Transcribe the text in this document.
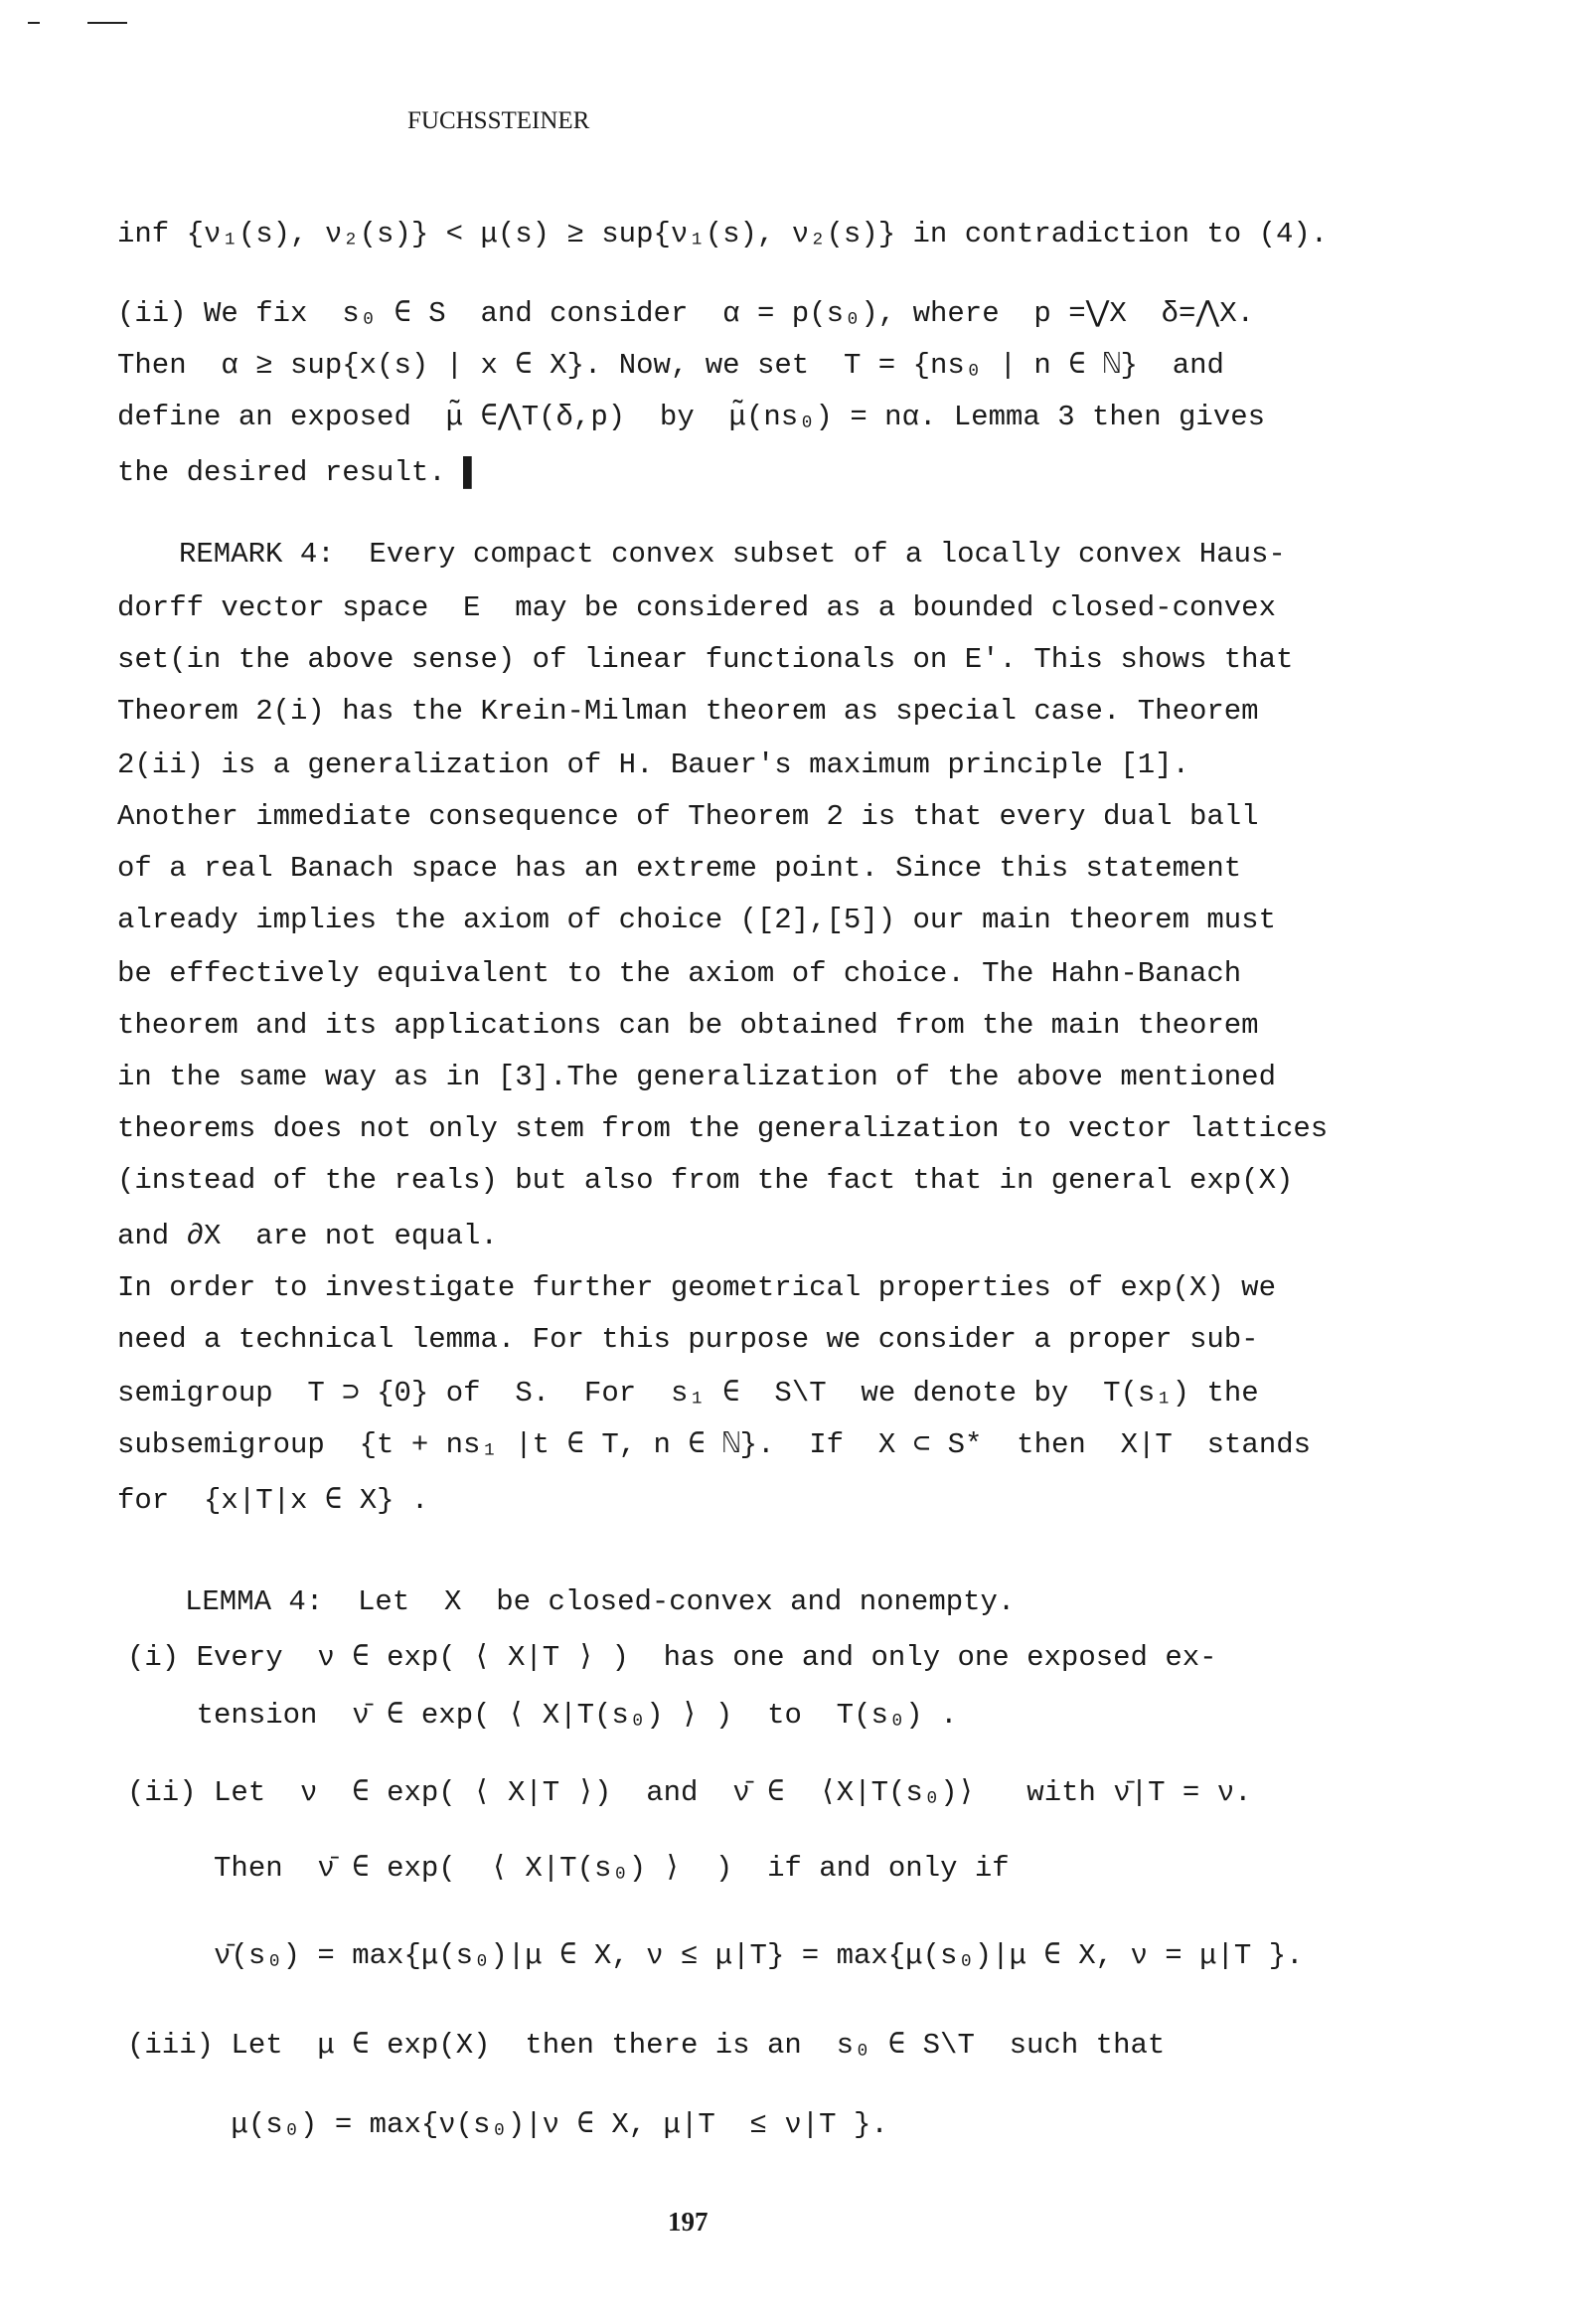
FUCHSSTEINER
inf {ν₁(s), ν₂(s)} < μ(s) ≥ sup{ν₁(s), ν₂(s)} in contradiction to (4).
(ii) We fix  s₀ ∈ S  and consider  α = p(s₀), where  p =⋁X  δ=⋀X.
Then  α ≥ sup{x(s) | x ∈ X}. Now, we set  T = {ns₀ | n ∈ ℕ}  and
define an exposed  μ̃ ∈⋀T(δ,p)  by  μ̃(ns₀) = nα. Lemma 3 then gives
the desired result. ▌
REMARK 4:  Every compact convex subset of a locally convex Haus-
dorff vector space  E  may be considered as a bounded closed-convex
set(in the above sense) of linear functionals on E'. This shows that
Theorem 2(i) has the Krein-Milman theorem as special case. Theorem
2(ii) is a generalization of H. Bauer's maximum principle [1].
Another immediate consequence of Theorem 2 is that every dual ball
of a real Banach space has an extreme point. Since this statement
already implies the axiom of choice ([2],[5]) our main theorem must
be effectively equivalent to the axiom of choice. The Hahn-Banach
theorem and its applications can be obtained from the main theorem
in the same way as in [3].The generalization of the above mentioned
theorems does not only stem from the generalization to vector lattices
(instead of the reals) but also from the fact that in general exp(X)
and ∂X  are not equal.
In order to investigate further geometrical properties of exp(X) we
need a technical lemma. For this purpose we consider a proper sub-
semigroup  T ⊃ {0} of  S.  For  s₁ ∈  S\T  we denote by  T(s₁) the
subsemigroup  {t + ns₁ |t ∈ T, n ∈ ℕ}.  If  X ⊂ S*  then  X|T  stands
for  {x|T|x ∈ X} .
LEMMA 4:  Let  X  be closed-convex and nonempty.
(i) Every  ν ∈ exp( ⟨ X|T ⟩ )  has one and only one exposed ex-
tension  ν̄ ∈ exp( ⟨ X|T(s₀) ⟩ )  to  T(s₀) .
(ii) Let  ν  ∈ exp( ⟨ X|T ⟩)  and  ν̄ ∈  ⟨X|T(s₀)⟩   with ν̄|T = ν.
Then  ν̄ ∈ exp(  ⟨ X|T(s₀) ⟩  )  if and only if
ν̄(s₀) = max{μ(s₀)|μ ∈ X, ν ≤ μ|T} = max{μ(s₀)|μ ∈ X, ν = μ|T }.
(iii) Let  μ ∈ exp(X)  then there is an  s₀ ∈ S\T  such that
μ(s₀) = max{ν(s₀)|ν ∈ X, μ|T  ≤ ν|T }.
197
